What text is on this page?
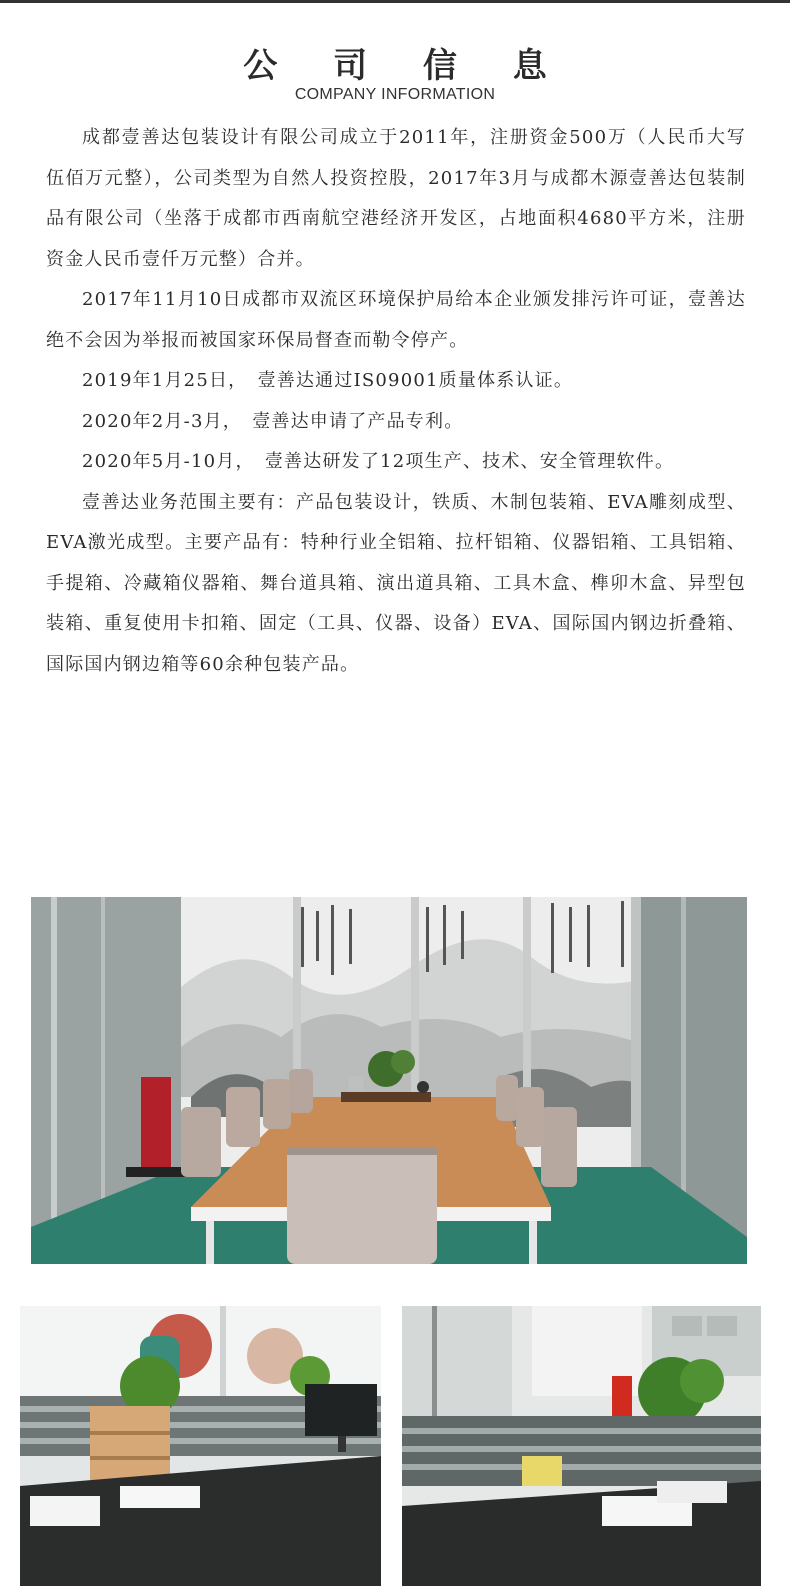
公 司 信 息
COMPANY INFORMATION

成都壹善达包装设计有限公司成立于2011年，注册资金500万（人民币大写伍佰万元整），公司类型为自然人投资控股，2017年3月与成都木源壹善达包装制品有限公司（坐落于成都市西南航空港经济开发区，占地面积4680平方米，注册资金人民币壹仟万元整）合并。

2017年11月10日成都市双流区环境保护局给本企业颁发排污许可证，壹善达绝不会因为举报而被国家环保局督查而勒令停产。

2019年1月25日，　壹善达通过IS09001质量体系认证。

2020年2月-3月，　壹善达申请了产品专利。

2020年5月-10月，　壹善达研发了12项生产、技术、安全管理软件。

壹善达业务范围主要有：产品包装设计，铁质、木制包装箱、EVA雕刻成型、EVA激光成型。主要产品有：特种行业全铝箱、拉杆铝箱、仪器铝箱、工具铝箱、手提箱、冷藏箱仪器箱、舞台道具箱、演出道具箱、工具木盒、榫卯木盒、异型包装箱、重复使用卡扣箱、固定（工具、仪器、设备）EVA、国际国内钢边折叠箱、国际国内钢边箱等60余种包装产品。
